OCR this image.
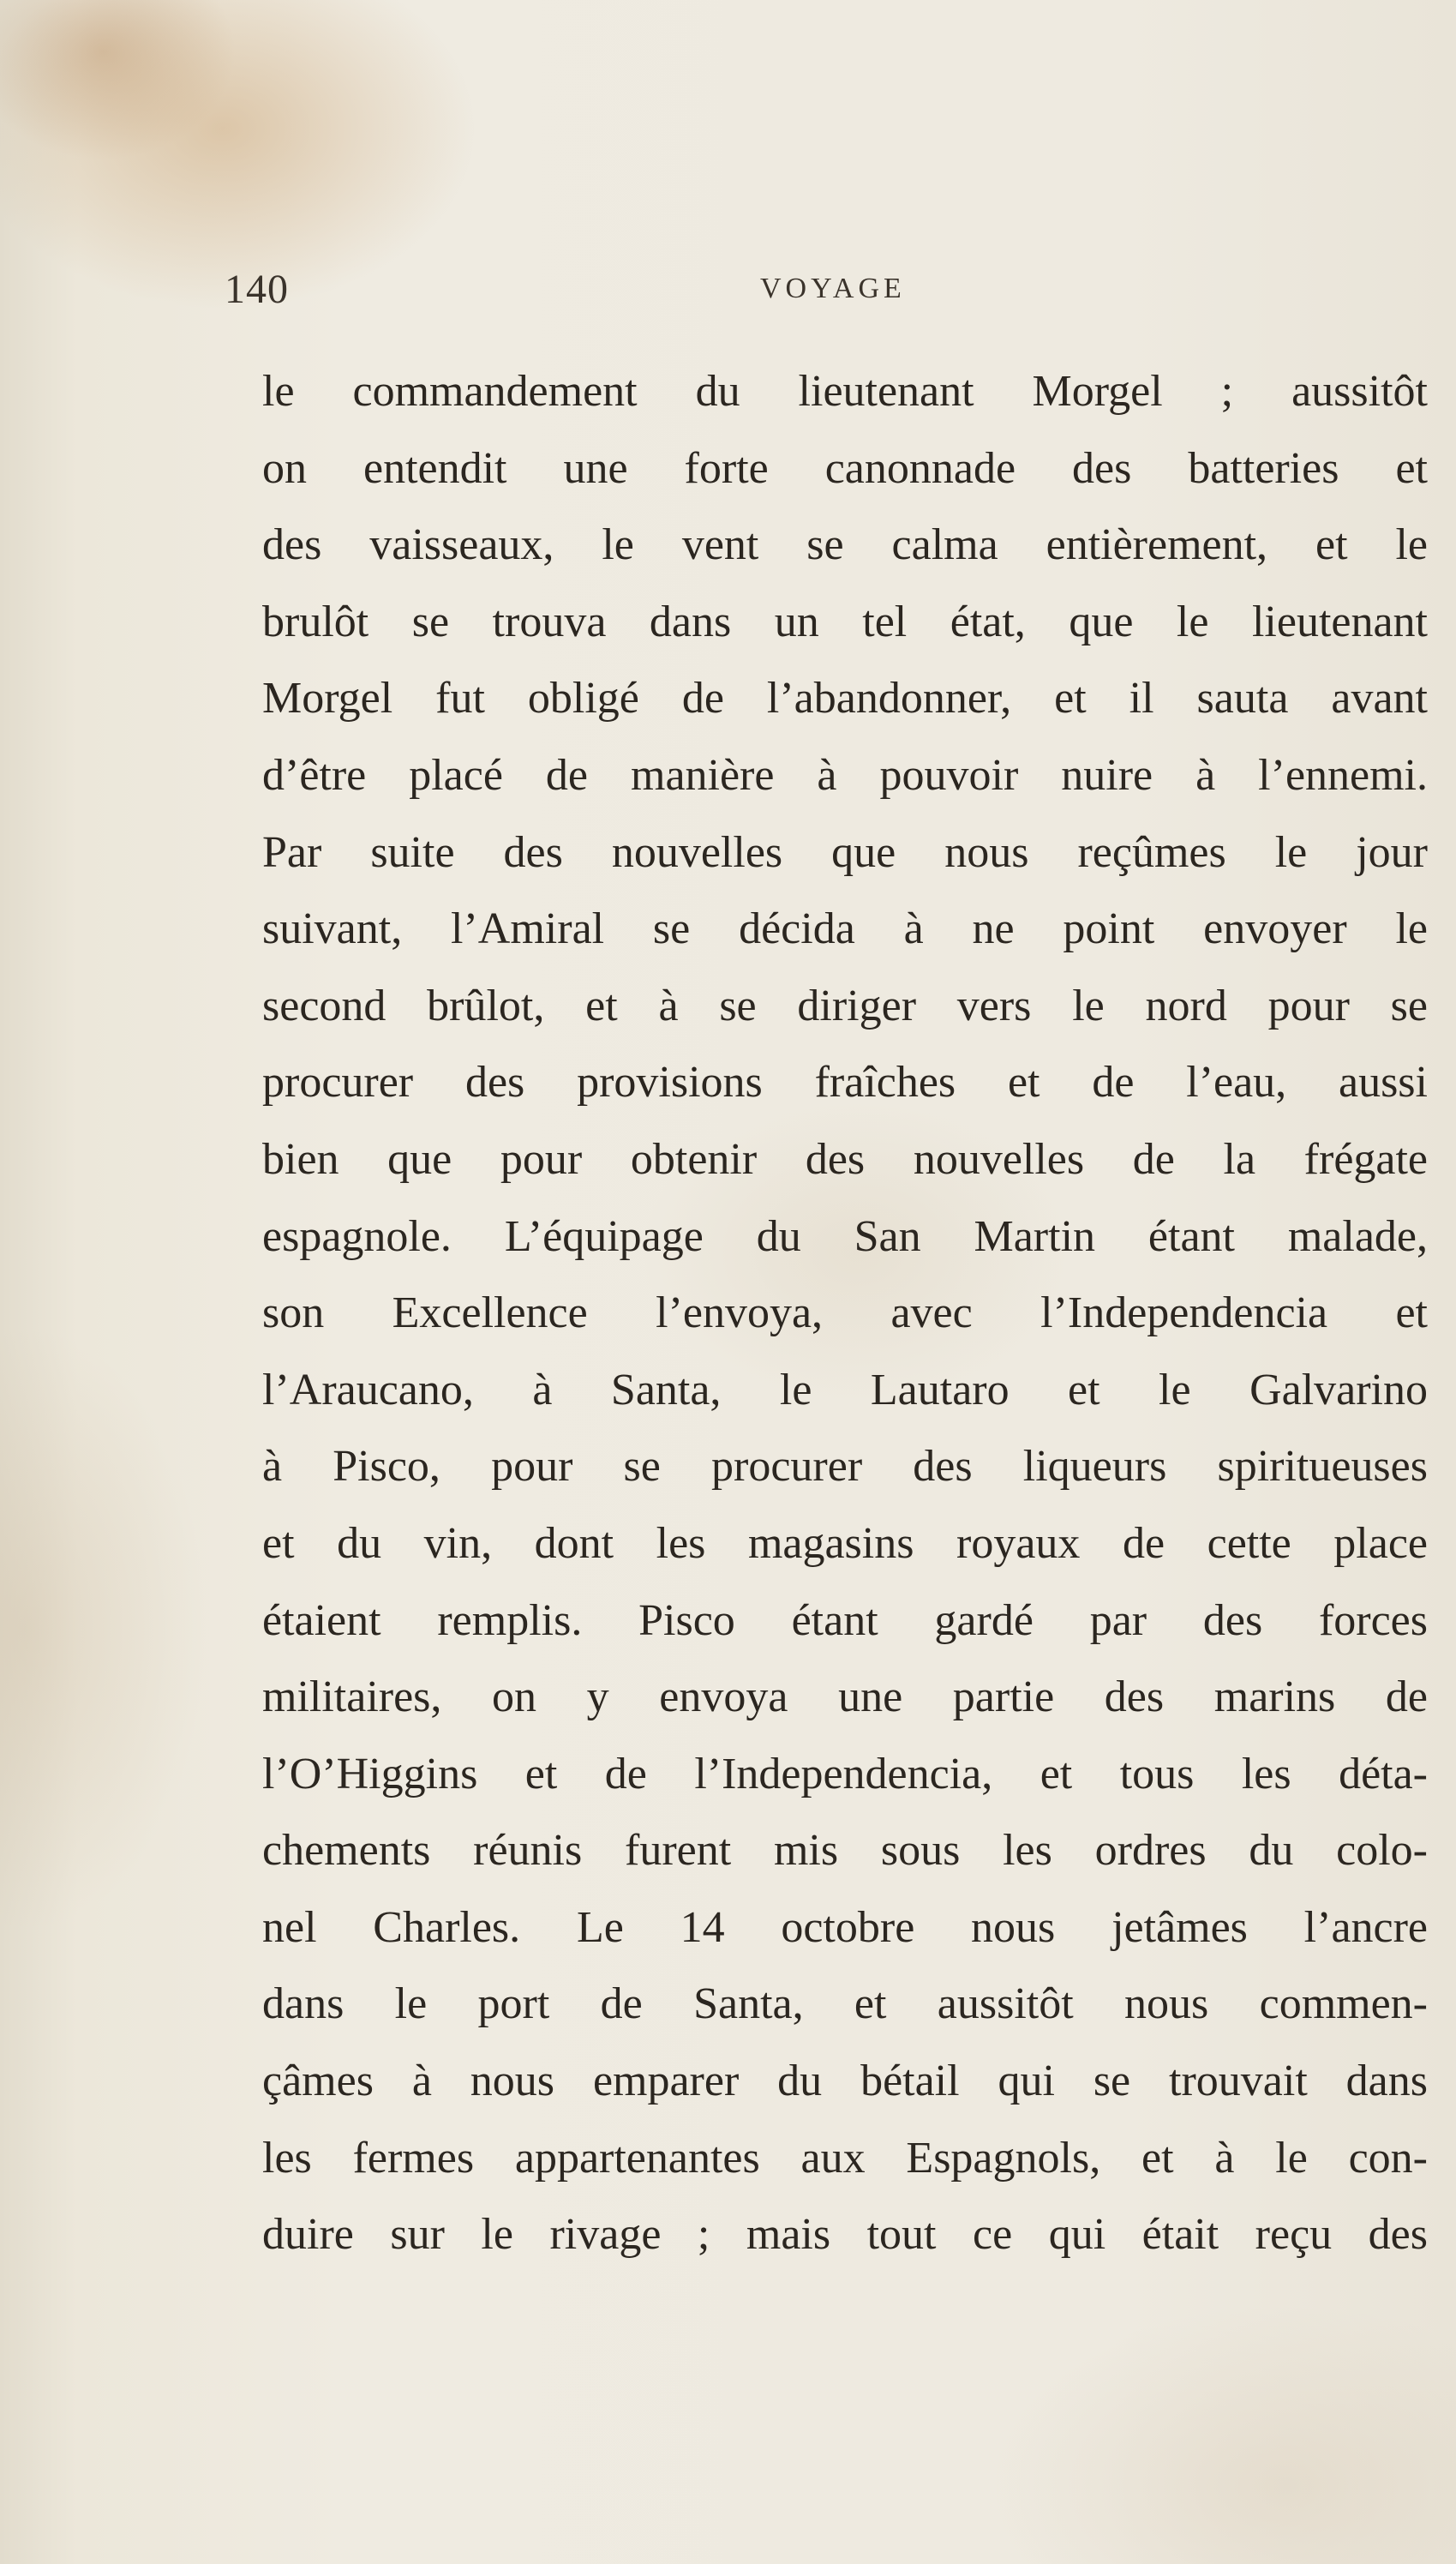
140	VOYAGE
le commandement du lieutenant Morgel ; aussitôt
on entendit une forte canonnade des batteries et
des vaisseaux, le vent se calma entièrement, et le
brulôt se trouva dans un tel état, que le lieutenant
Morgel fut obligé de l’abandonner, et il sauta avant
d’être placé de manière à pouvoir nuire à l’ennemi.
Par suite des nouvelles que nous reçûmes le jour
suivant, l’Amiral se décida à ne point envoyer le
second brûlot, et à se diriger vers le nord pour se
procurer des provisions fraîches et de l’eau, aussi
bien que pour obtenir des nouvelles de la frégate
espagnole. L’équipage du San Martin étant malade,
son Excellence l’envoya, avec l’Independencia et
l’Araucano, à Santa, le Lautaro et le Galvarino
à Pisco, pour se procurer des liqueurs spiritueuses
et du vin, dont les magasins royaux de cette place
étaient remplis. Pisco étant gardé par des forces
militaires, on y envoya une partie des marins de
l’O’Higgins et de l’Independencia, et tous les déta-
chements réunis furent mis sous les ordres du colo-
nel Charles. Le 14 octobre nous jetâmes l’ancre
dans le port de Santa, et aussitôt nous commen-
çâmes à nous emparer du bétail qui se trouvait dans
les fermes appartenantes aux Espagnols, et à le con-
duire sur le rivage ; mais tout ce qui était reçu des
